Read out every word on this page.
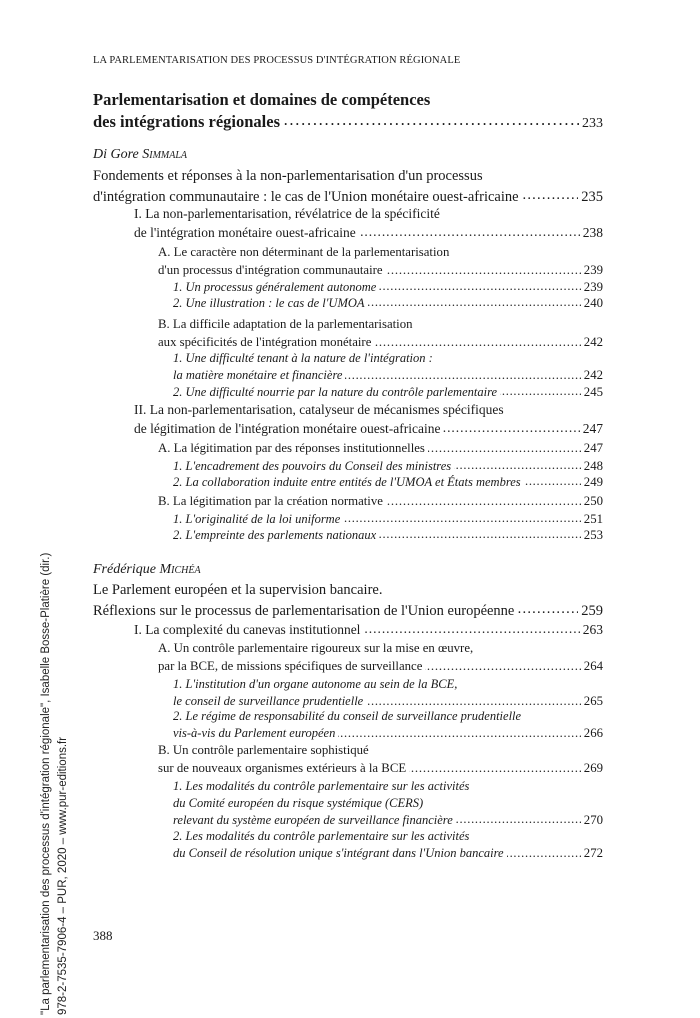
LA PARLEMENTARISATION DES PROCESSUS D'INTÉGRATION RÉGIONALE
Parlementarisation et domaines de compétences
des intégrations régionales . . .	233
Di Gore Simmala
Fondements et réponses à la non-parlementarisation d'un processus
d'intégration communautaire : le cas de l'Union monétaire ouest-africaine . . .	235
I. La non-parlementarisation, révélatrice de la spécificité
de l'intégration monétaire ouest-africaine . . .	238
A. Le caractère non déterminant de la parlementarisation
d'un processus d'intégration communautaire . . .	239
1. Un processus généralement autonome . . .	239
2. Une illustration : le cas de l'UMOA . . .	240
B. La difficile adaptation de la parlementarisation
aux spécificités de l'intégration monétaire . . .	242
1. Une difficulté tenant à la nature de l'intégration :
la matière monétaire et financière . . .	242
2. Une difficulté nourrie par la nature du contrôle parlementaire . . .	245
II. La non-parlementarisation, catalyseur de mécanismes spécifiques
de légitimation de l'intégration monétaire ouest-africaine . . .	247
A. La légitimation par des réponses institutionnelles . . .	247
1. L'encadrement des pouvoirs du Conseil des ministres . . .	248
2. La collaboration induite entre entités de l'UMOA et États membres . . .	249
B. La légitimation par la création normative . . .	250
1. L'originalité de la loi uniforme . . .	251
2. L'empreinte des parlements nationaux . . .	253
Frédérique Michéa
Le Parlement européen et la supervision bancaire.
Réflexions sur le processus de parlementarisation de l'Union européenne . . .	259
I. La complexité du canevas institutionnel . . .	263
A. Un contrôle parlementaire rigoureux sur la mise en œuvre,
par la BCE, de missions spécifiques de surveillance . . .	264
1. L'institution d'un organe autonome au sein de la BCE,
le conseil de surveillance prudentielle . . .	265
2. Le régime de responsabilité du conseil de surveillance prudentielle
vis-à-vis du Parlement européen . . .	266
B. Un contrôle parlementaire sophistiqué
sur de nouveaux organismes extérieurs à la BCE . . .	269
1. Les modalités du contrôle parlementaire sur les activités
du Comité européen du risque systémique (CERS)
relevant du système européen de surveillance financière . . .	270
2. Les modalités du contrôle parlementaire sur les activités
du Conseil de résolution unique s'intégrant dans l'Union bancaire . . .	272
388
"La parlementarisation des processus d'intégration régionale", Isabelle Bosse-Platière (dir.) 978-2-7535-7906-4 – PUR, 2020 – www.pur-editions.fr
